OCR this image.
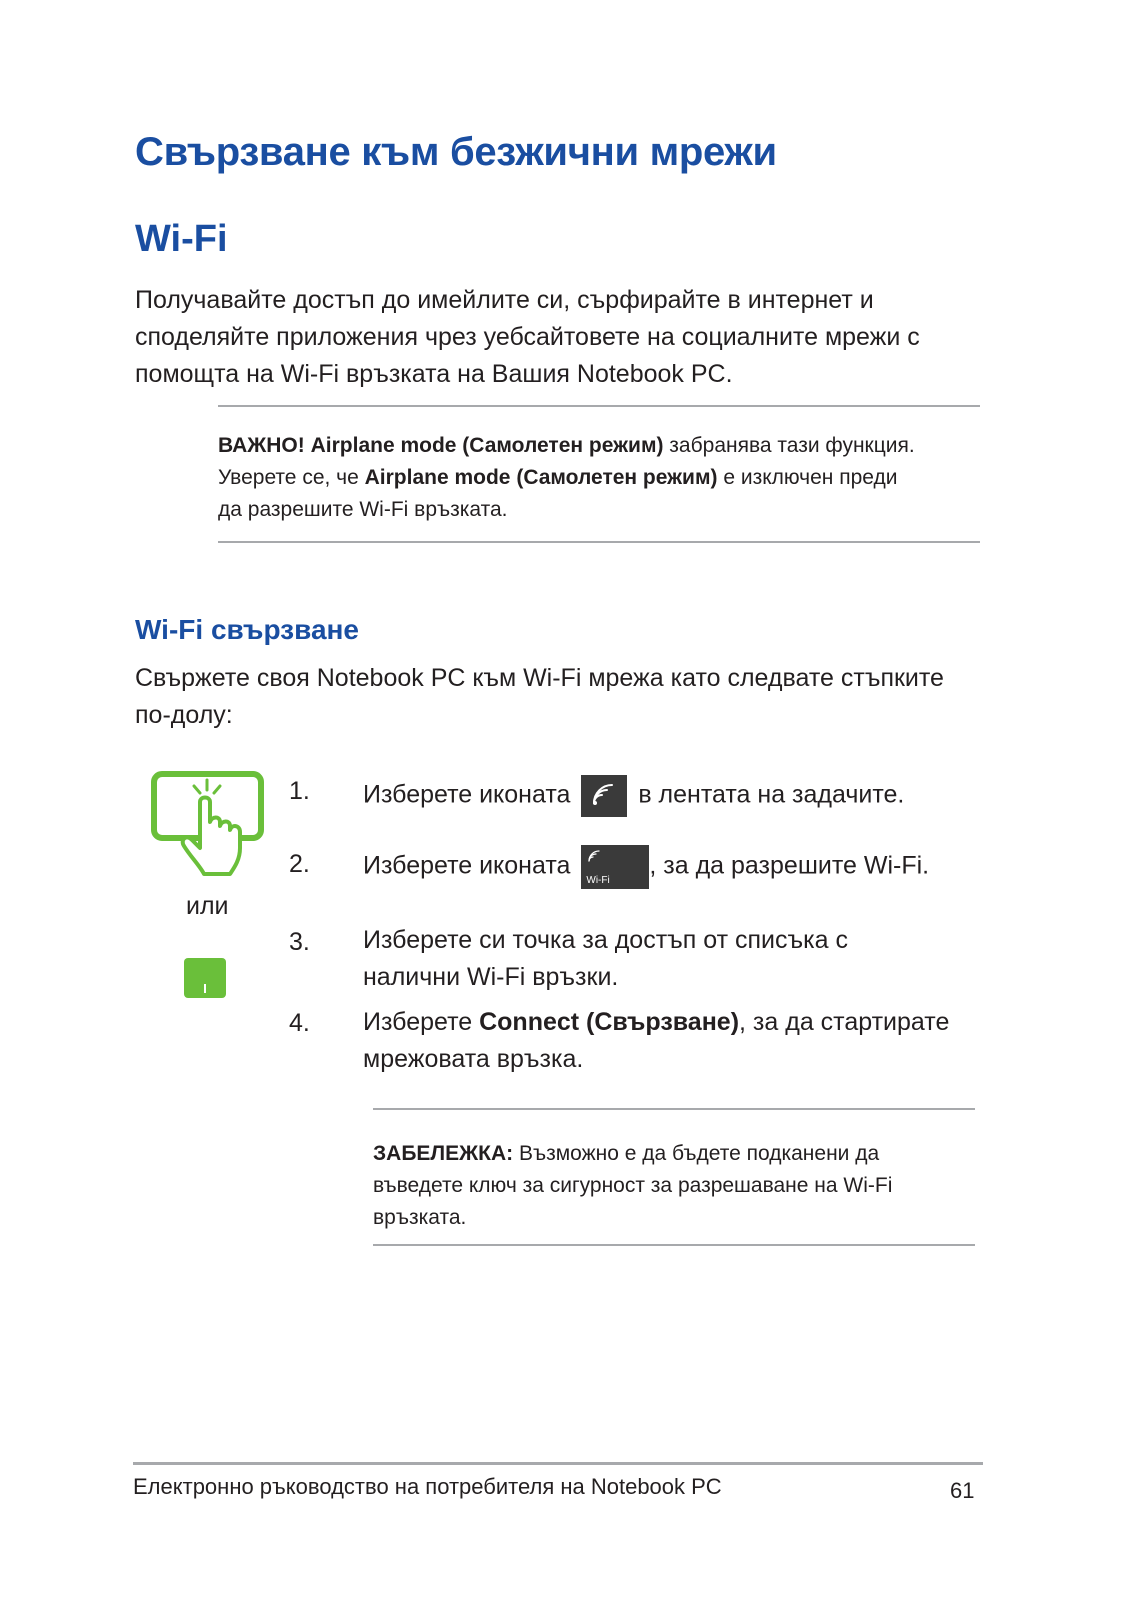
Свързване към безжични мрежи
Wi-Fi
Получавайте достъп до имейлите си, сърфирайте в интернет и
споделяйте приложения чрез уебсайтовете на социалните мрежи с
помощта на Wi-Fi връзката на Вашия Notebook PC.
ВАЖНО! Airplane mode (Самолетен режим) забранява тази функция.
Уверете се, че Airplane mode (Самолетен режим) е изключен преди
да разрешите Wi-Fi връзката.
Wi-Fi свързване
Свържете своя Notebook PC към Wi-Fi мрежа като следвате стъпките
по-долу:
или
1. Изберете иконата
в лентата на задачите.
2. Изберете иконата
Wi-Fi
, за да разрешите Wi-Fi.
3. Изберете си точка за достъп от списъка с
налични Wi-Fi връзки.
4. Изберете Connect (Свързване), за да стартирате
мрежовата връзка.
ЗАБЕЛЕЖКА: Възможно е да бъдете подканени да
въведете ключ за сигурност за разрешаване на Wi-Fi
връзката.
Електронно ръководство на потребителя на Notebook PC	61
